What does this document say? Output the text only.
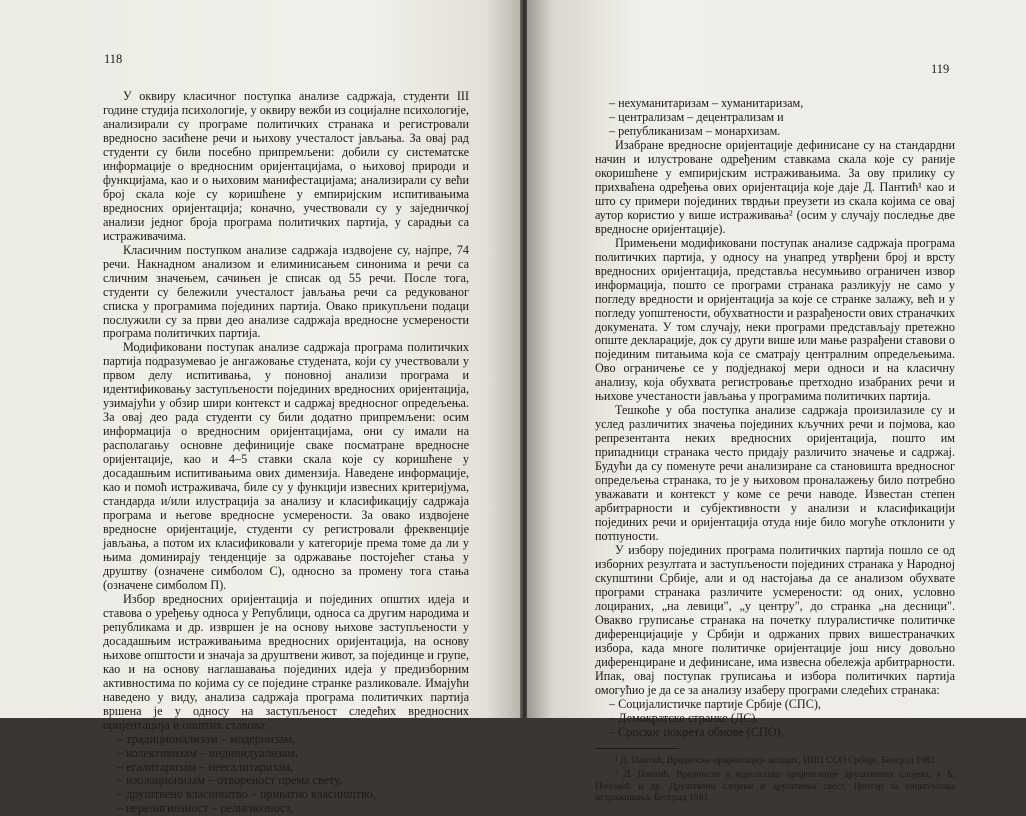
118

У оквиру класичног поступка анализе садржаја, студенти III године студија психологије, у оквиру вежби из социјалне психологије, анализирали су програме политичких странака и регистровали вредносно засићене речи и њихову учесталост јављања. За овај рад студенти су били посебно припремљени: добили су систематске информације о вредносним оријентацијама, о њиховој природи и функцијама, као и о њиховим манифестацијама; анализирали су већи број скала које су коришћене у емпиријским испитивањима вредносних оријентација; коначно, учествовали су у заједничкој анализи једног броја програма политичких партија, у сарадњи са истраживачима.

Класичним поступком анализе садржаја издвојене су, најпре, 74 речи. Накнадном анализом и елиминисањем синонима и речи са сличним значењем, сачињен је списак од 55 речи. После тога, студенти су бележили учесталост јављања речи са редукованог списка у програмима појединих партија. Овако прикупљени подаци послужили су за први део анализе садржаја вредносне усмерености програма политичких партија.

Модификовани поступак анализе садржаја програма политичких партија подразумевао је ангажовање студената, који су учествовали у првом делу испитивања, у поновној анализи програма и идентификовању заступљености појединих вредносних оријентација, узимајући у обзир шири контекст и садржај вредносног опредељења. За овај део рада студенти су били додатно припремљени: осим информација о вредносним оријентацијама, они су имали на располагању основне дефиниције сваке посматране вредносне оријентације, као и 4–5 ставки скала које су коришћене у досадашњим испитивањима ових димензија. Наведене информације, као и помоћ истраживача, биле су у функцији извесних критеријума, стандарда и/или илустрација за анализу и класификацију садржаја програма и његове вредносне усмерености. За овако издвојене вредносне оријентације, студенти су регистровали фреквенције јављања, а потом их класификовали у категорије према томе да ли у њима доминирају тенденције за одржавање постојећег стања у друштву (означене симболом С), односно за промену тога стања (означене симболом П).

Избор вредносних оријентација и појединих општих идеја и ставова о уређењу односа у Републици, односа са другим народима и републикама и др. извршен је на основу њихове заступљености у досадашњим истраживањима вредносних оријентација, на основу њихове општости и значаја за друштвени живот, за појединце и групе, као и на основу наглашавања појединих идеја у предизборним активностима по којима су се поједине странке разликовале. Имајући наведено у виду, анализа садржаја програма политичких партија вршена је у односу на заступљеност следећих вредносних оријентација и општих ставова:

– традиционализам – модернизам,
– колективизам – индивидуализам,
– егалитаризам – неегалитаризам,
– изолационизам – отвореност према свету,
– друштвено власништво – приватно власништво,
– нерелигиозност – религиозност,
119
– нехуманитаризам – хуманитаризам,
– централизам – децентрализам и
– републиканизам – монархизам.

Изабране вредносне оријентације дефинисане су на стандардни начин и илустроване одређеним ставкама скала које су раније окоришћене у емпиријским истраживањима. За ову прилику су прихваћена одређења ових оријентација које даје Д. Пантић¹ као и што су примери појединих тврдњи преузети из скала којима се овај аутор користио у више истраживања² (осим у случају последње две вредносне оријентације).

Примењени модификовани поступак анализе садржаја програма политичких партија, у односу на унапред утврђени број и врсту вредносних оријентација, представља несумњиво ограничен извор информација, пошто се програми странака разликују не само у погледу вредности и оријентација за које се странке залажу, већ и у погледу уопштености, обухватности и разрађености ових страначких докумената. У том случају, неки програми представљају претежно опште декларације, док су други више или мање разрађени ставови о појединим питањима која се сматрају централним опредељењима. Ово ограничење се у подједнакој мери односи и на класичну анализу, која обухвата регистровање претходно изабраних речи и њихове учестаности јављања у програмима политичких партија.

Тешкоће у оба поступка анализе садржаја произилазиле су и услед различитих значења појединих кључних речи и појмова, као репрезентанта неких вредносних оријентација, пошто им припадници странака често придају различито значење и садржај. Будући да су поменуте речи анализиране са становишта вредносног опредељења странака, то је у њиховом проналажењу било потребно уважавати и контекст у коме се речи наводе. Известан степен арбитрарности и субјективности у анализи и класификацији појединих речи и оријентација отуда није било могуће отклонити у потпуности.

У избору појединих програма политичких партија пошло се од изборних резултата и заступљености појединих странака у Народној скупштини Србије, али и од настојања да се анализом обухвате програми странака различите усмерености: од оних, условно лоцираних, „на левици", „у центру", до странка „на десници". Овакво груписање странака на почетку плуралистичке политичке диференцијације у Србији и одржаних првих вишестраначких избора, када многе политичке оријентације још нису довољно диференциране и дефинисане, има извесна обележја арбитрарности. Ипак, овај поступак груписања и избора политичких партија омогућио је да се за анализу изаберу програми следећих странака:

– Социјалистичке партије Србије (СПС),
– Демократске странке (ДС),
– Српског покрета обнове (СПО),

¹ Д. Пантић, Вредносне оријентације младих, ИИЦ ССО Србије, Београд 1981.

² Д. Пантић, Вредности и идеолошке оријентације друштвених слојева, у Б. Поповић и др. Друштвени слојеви и друштвена свест, Центар за социолошка истраживања, Београд 1981.
